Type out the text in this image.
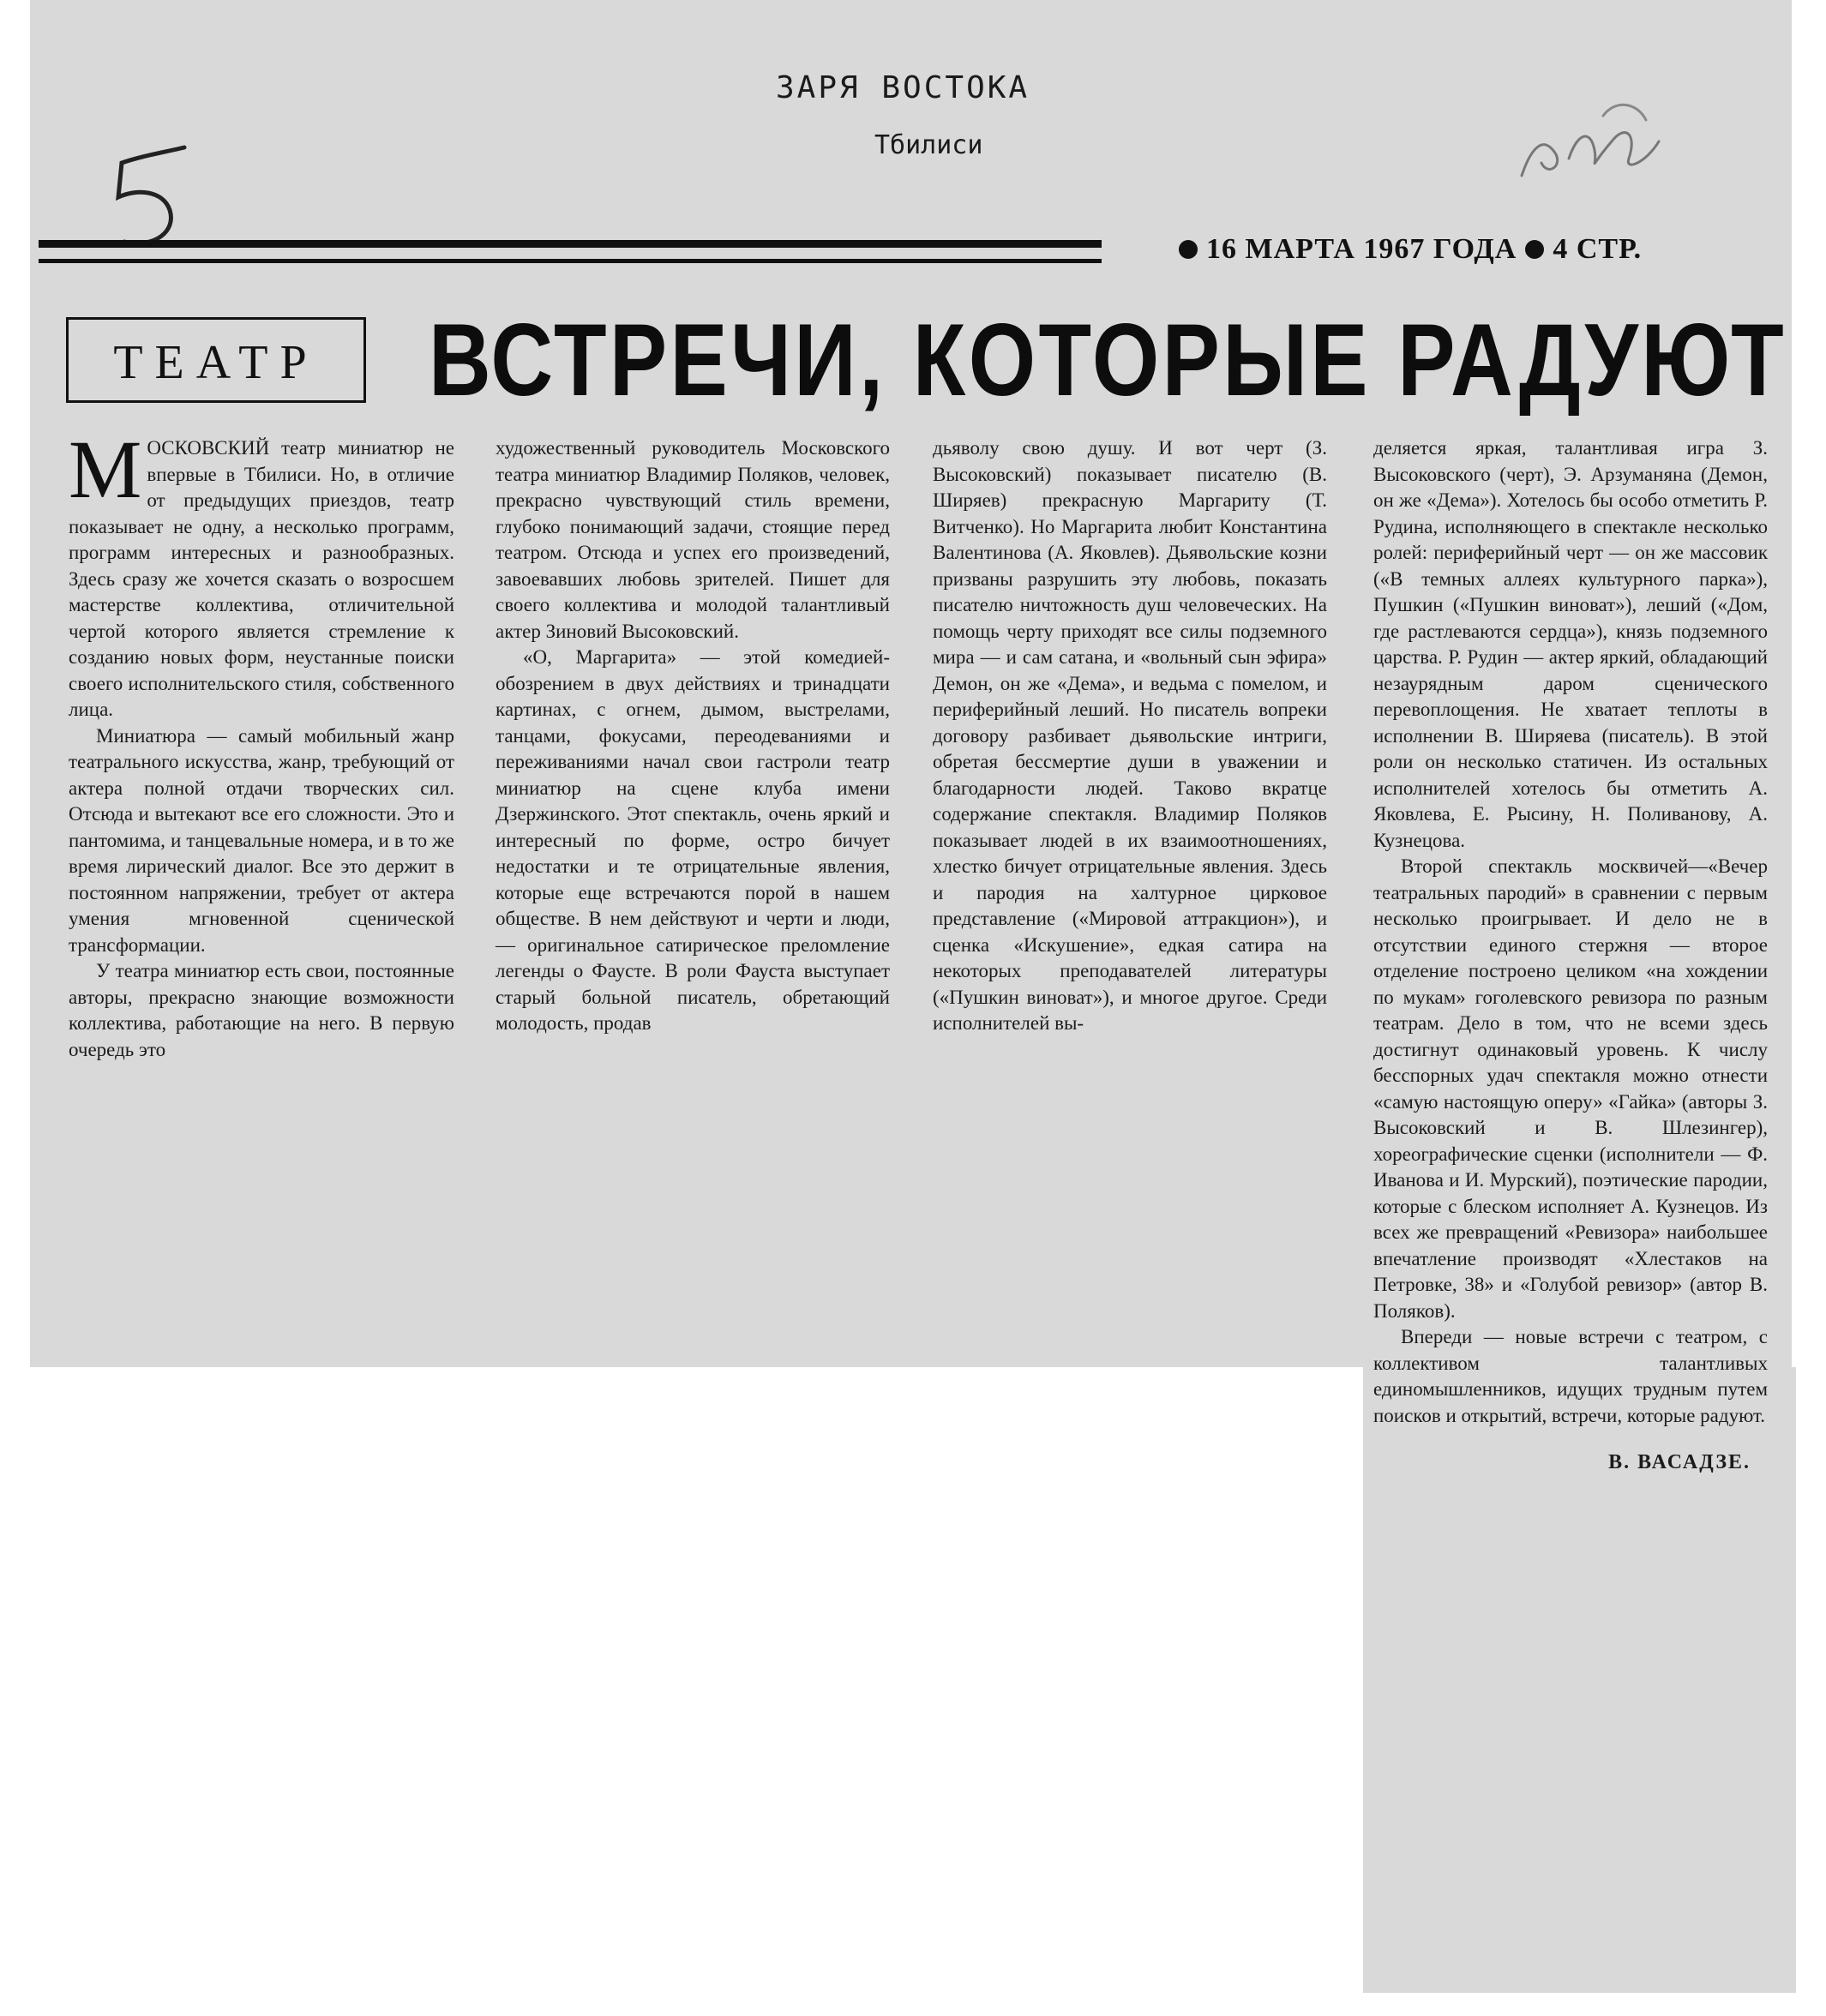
ЗАРЯ ВОСТОКА
Тбилиси
16 МАРТА 1967 ГОДА 4 СТР.
ТЕАТР	ВСТРЕЧИ, КОТОРЫЕ РАДУЮТ

МОСКОВСКИЙ театр миниатюр не впервые в Тбилиси. Но, в отличие от предыдущих приездов, театр показывает не одну, а несколько программ, программ интересных и разнообразных. Здесь сразу же хочется сказать о возросшем мастерстве коллектива, отличительной чертой которого является стремление к созданию новых форм, неустанные поиски своего исполнительского стиля, собственного лица.

Миниатюра — самый мобильный жанр театрального искусства, жанр, требующий от актера полной отдачи творческих сил. Отсюда и вытекают все его сложности. Это и пантомима, и танцевальные номера, и в то же время лирический диалог. Все это держит в постоянном напряжении, требует от актера умения мгновенной сценической трансформации.

У театра миниатюр есть свои, постоянные авторы, прекрасно знающие возможности коллектива, работающие на него. В первую очередь это

художественный руководитель Московского театра миниатюр Владимир Поляков, человек, прекрасно чувствующий стиль времени, глубоко понимающий задачи, стоящие перед театром. Отсюда и успех его произведений, завоевавших любовь зрителей. Пишет для своего коллектива и молодой талантливый актер Зиновий Высоковский.

«О, Маргарита» — этой комедией-обозрением в двух действиях и тринадцати картинах, с огнем, дымом, выстрелами, танцами, фокусами, переодеваниями и переживаниями начал свои гастроли театр миниатюр на сцене клуба имени Дзержинского. Этот спектакль, очень яркий и интересный по форме, остро бичует недостатки и те отрицательные явления, которые еще встречаются порой в нашем обществе. В нем действуют и черти и люди, — оригинальное сатирическое преломление легенды о Фаусте. В роли Фауста выступает старый больной писатель, обретающий молодость, продав

дьяволу свою душу. И вот черт (З. Высоковский) показывает писателю (В. Ширяев) прекрасную Маргариту (Т. Витченко). Но Маргарита любит Константина Валентинова (А. Яковлев). Дьявольские козни призваны разрушить эту любовь, показать писателю ничтожность душ человеческих. На помощь черту приходят все силы подземного мира — и сам сатана, и «вольный сын эфира» Демон, он же «Дема», и ведьма с помелом, и периферийный леший. Но писатель вопреки договору разбивает дьявольские интриги, обретая бессмертие души в уважении и благодарности людей. Таково вкратце содержание спектакля. Владимир Поляков показывает людей в их взаимоотношениях, хлестко бичует отрицательные явления. Здесь и пародия на халтурное цирковое представление («Мировой аттракцион»), и сценка «Искушение», едкая сатира на некоторых преподавателей литературы («Пушкин виноват»), и многое другое. Среди исполнителей вы-

деляется яркая, талантливая игра З. Высоковского (черт), Э. Арзуманяна (Демон, он же «Дема»). Хотелось бы особо отметить Р. Рудина, исполняющего в спектакле несколько ролей: периферийный черт — он же массовик («В темных аллеях культурного парка»), Пушкин («Пушкин виноват»), леший («Дом, где растлеваются сердца»), князь подземного царства. Р. Рудин — актер яркий, обладающий незаурядным даром сценического перевоплощения. Не хватает теплоты в исполнении В. Ширяева (писатель). В этой роли он несколько статичен. Из остальных исполнителей хотелось бы отметить А. Яковлева, Е. Рысину, Н. Поливанову, А. Кузнецова.

Второй спектакль москвичей—«Вечер театральных пародий» в сравнении с первым несколько проигрывает. И дело не в отсутствии единого стержня — второе отделение построено целиком «на хождении по мукам» гоголевского ревизора по разным театрам. Дело в том, что не всеми здесь достигнут одинаковый уровень. К числу бесспорных удач спектакля можно отнести «самую настоящую оперу» «Гайка» (авторы З. Высоковский и В. Шлезингер), хореографические сценки (исполнители — Ф. Иванова и И. Мурский), поэтические пародии, которые с блеском исполняет А. Кузнецов. Из всех же превращений «Ревизора» наибольшее впечатление производят «Хлестаков на Петровке, 38» и «Голубой ревизор» (автор В. Поляков).

Впереди — новые встречи с театром, с коллективом талантливых единомышленников, идущих трудным путем поисков и открытий, встречи, которые радуют.

В. ВАСАДЗЕ.
